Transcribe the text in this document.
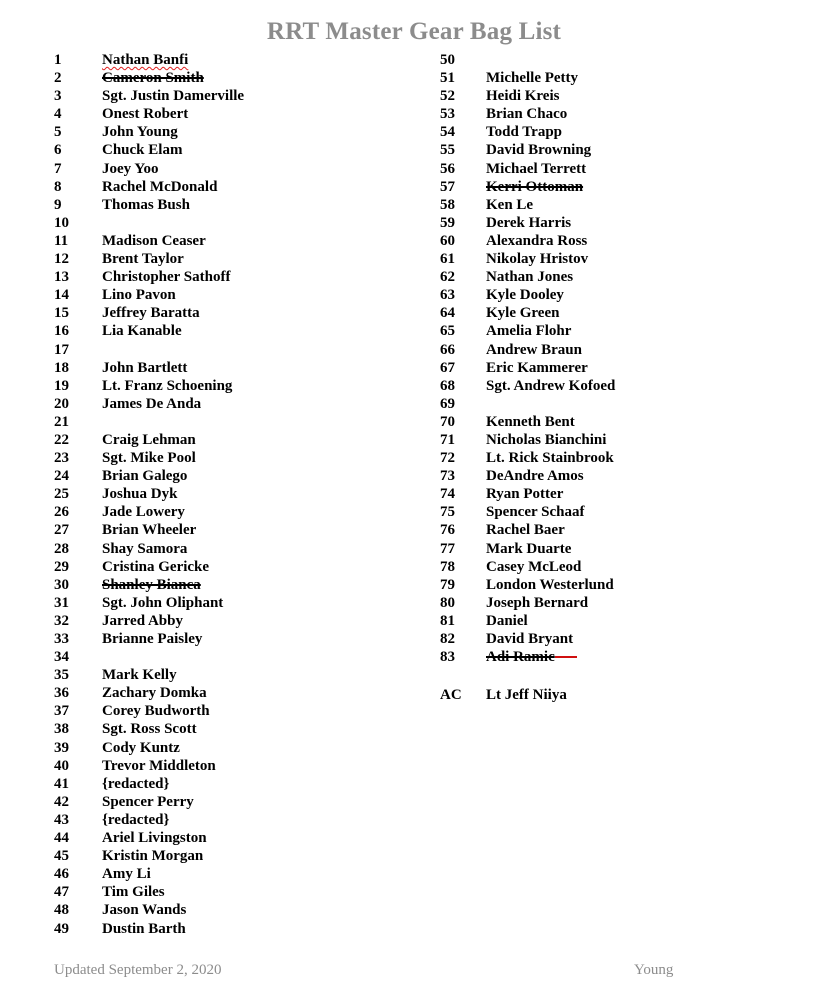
RRT Master Gear Bag List
1	Nathan Banfi
2	Cameron Smith
3	Sgt. Justin Damerville
4	Onest Robert
5	John Young
6	Chuck Elam
7	Joey Yoo
8	Rachel McDonald
9	Thomas Bush
10
11 Madison Ceaser
12 Brent Taylor
13 Christopher Sathoff
14 Lino Pavon
15 Jeffrey Baratta
16 Lia Kanable
17
18 John Bartlett
19 Lt. Franz Schoening
20 James De Anda
21
22 Craig Lehman
23 Sgt. Mike Pool
24 Brian Galego
25 Joshua Dyk
26 Jade Lowery
27 Brian Wheeler
28 Shay Samora
29 Cristina Gericke
30 Shanley Bianca
31 Sgt. John Oliphant
32 Jarred Abby
33 Brianne Paisley
34
35 Mark Kelly
36 Zachary Domka
37 Corey Budworth
38 Sgt. Ross Scott
39 Cody Kuntz
40 Trevor Middleton
41 {redacted}
42 Spencer Perry
43 {redacted}
44 Ariel Livingston
45 Kristin Morgan
46 Amy Li
47 Tim Giles
48 Jason Wands
49 Dustin Barth
50
51 Michelle Petty
52 Heidi Kreis
53 Brian Chaco
54 Todd Trapp
55 David Browning
56 Michael Terrett
57 Kerri Ottoman
58 Ken Le
59 Derek Harris
60 Alexandra Ross
61 Nikolay Hristov
62 Nathan Jones
63 Kyle Dooley
64 Kyle Green
65 Amelia Flohr
66 Andrew Braun
67 Eric Kammerer
68 Sgt. Andrew Kofoed
69
70 Kenneth Bent
71 Nicholas Bianchini
72 Lt. Rick Stainbrook
73 DeAndre Amos
74 Ryan Potter
75 Spencer Schaaf
76 Rachel Baer
77 Mark Duarte
78 Casey McLeod
79 London Westerlund
80 Joseph Bernard
81 Daniel
82 David Bryant
83 Adi Ramic
AC Lt Jeff Niiya
Updated September 2, 2020	Young
